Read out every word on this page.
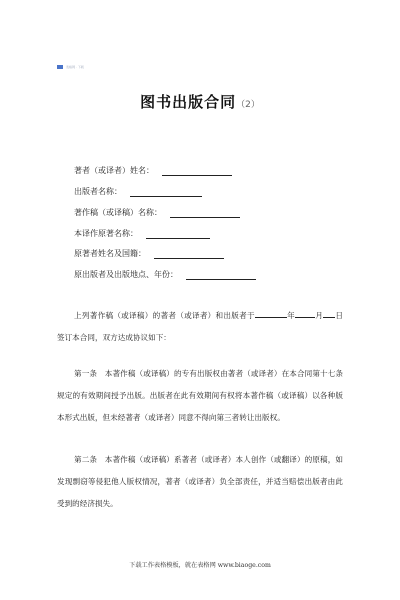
表格网 · 下载
图书出版合同（2）
著者（或译者）姓名：
出版者名称：
著作稿（或译稿）名称：
本译作原著名称：
原著者姓名及国籍：
原出版者及出版地点、年份：

上列著作稿（或译稿）的著者（或译者）和出版者于	年	月 日签订本合同，双方达成协议如下：

第一条　本著作稿（或译稿）的专有出版权由著者（或译者）在本合同第十七条规定的有效期间授予出版。出版者在此有效期间有权将本著作稿（或译稿）以各种版本形式出版，但未经著者（或译者）同意不得向第三者转让出版权。

第二条　本著作稿（或译稿）系著者（或译者）本人创作（或翻译）的原稿，如发现剽窃等侵犯他人版权情况，著者（或译者）负全部责任，并适当赔偿出版者由此受到的经济损失。

下载工作表格模板，就在表格网 www.biaoge.com
